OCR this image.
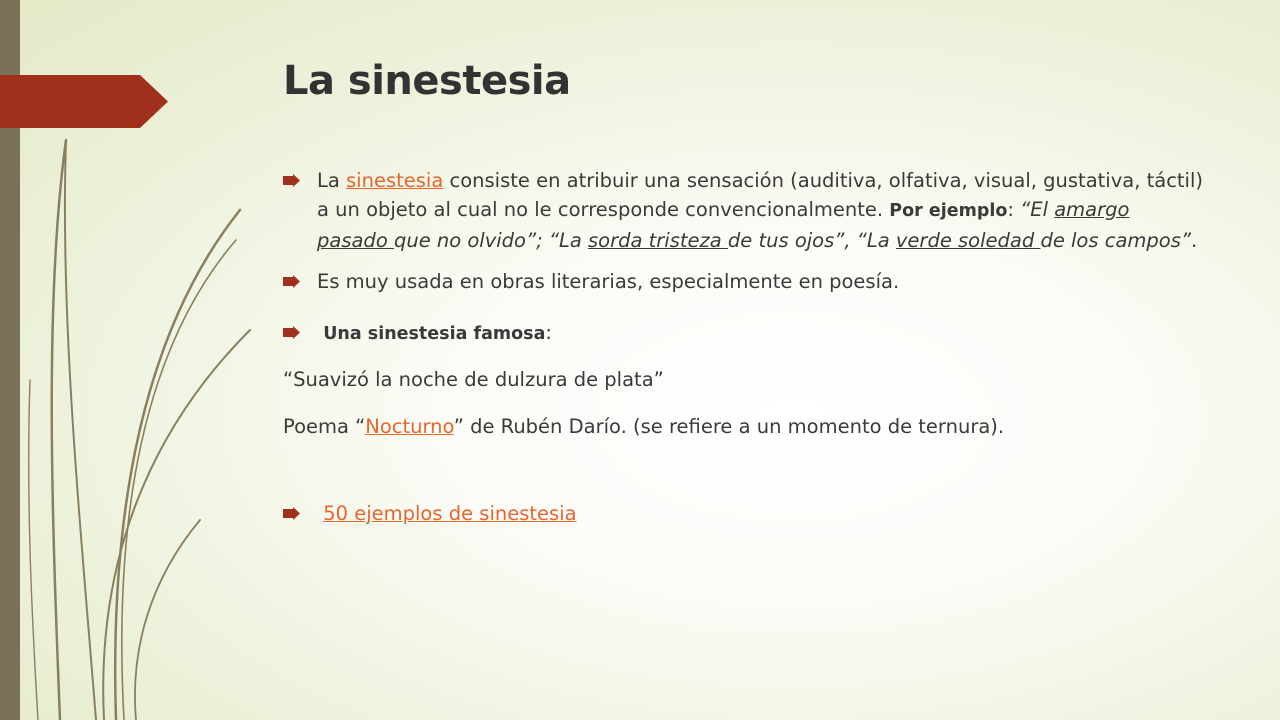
La sinestesia

La sinestesia consiste en atribuir una sensación (auditiva, olfativa, visual, gustativa, táctil) a un objeto al cual no le corresponde convencionalmente. Por ejemplo: “El amargo pasado que no olvido”; “La sorda tristeza de tus ojos”, “La verde soledad de los campos”.

Es muy usada en obras literarias, especialmente en poesía.

Una sinestesia famosa:

“Suavizó la noche de dulzura de plata”

Poema “Nocturno” de Rubén Darío. (se refiere a un momento de ternura).

50 ejemplos de sinestesia
